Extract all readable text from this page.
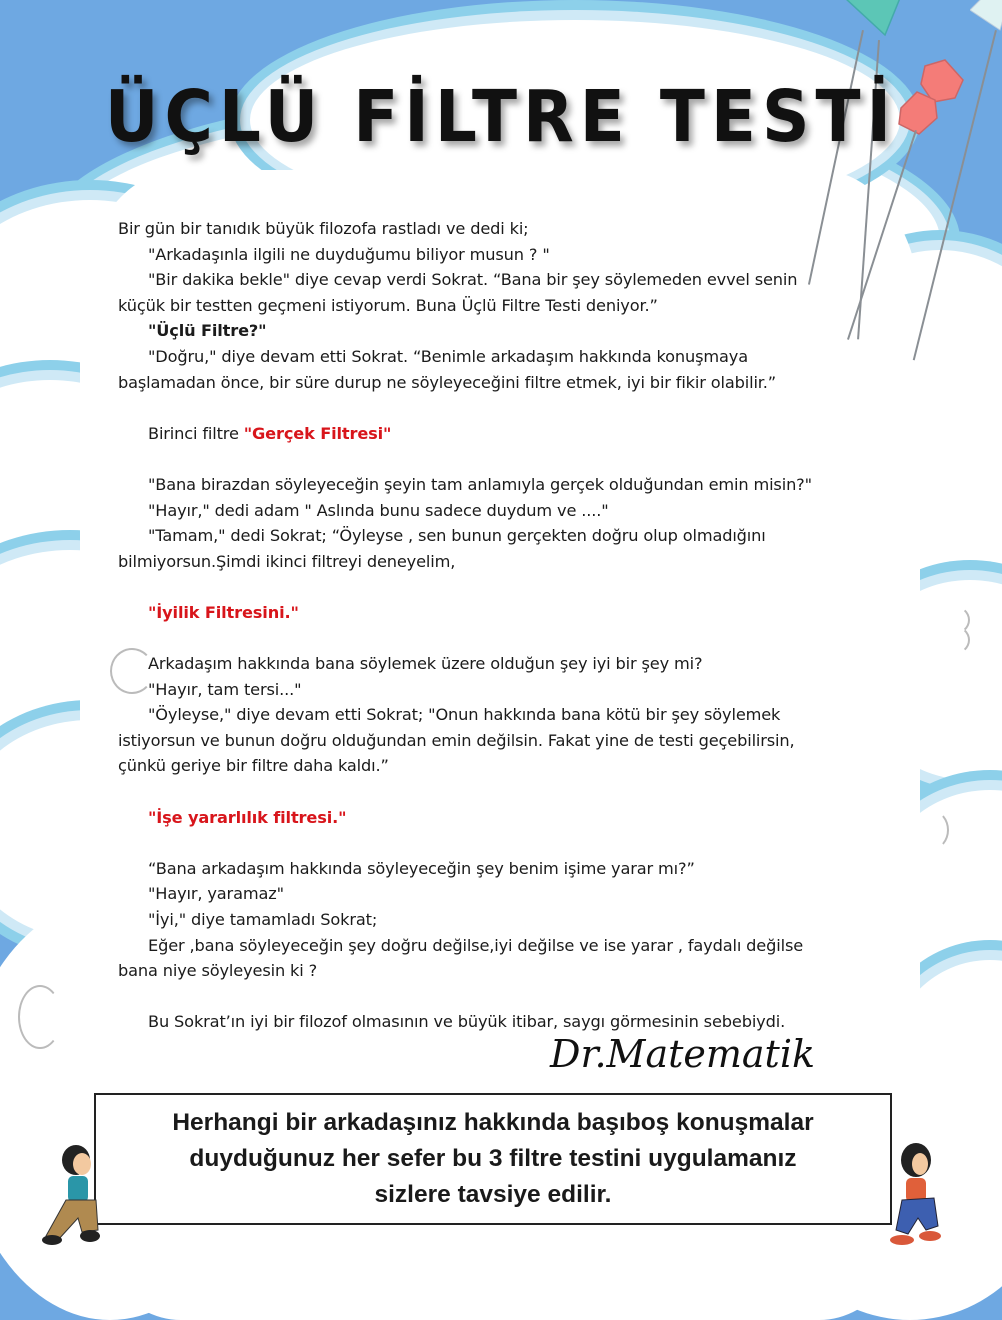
ÜÇLÜ FİLTRE TESTİ

Bir gün bir tanıdık büyük filozofa rastladı ve dedi ki;

"Arkadaşınla ilgili ne duyduğumu biliyor musun ? "

"Bir dakika bekle" diye cevap verdi Sokrat. “Bana bir şey söylemeden evvel senin

küçük bir testten geçmeni istiyorum. Buna Üçlü Filtre Testi deniyor.”

"Üçlü Filtre?"

"Doğru," diye devam etti Sokrat. “Benimle arkadaşım hakkında konuşmaya

başlamadan önce, bir süre durup ne söyleyeceğini filtre etmek, iyi bir fikir olabilir.”

Birinci filtre "Gerçek Filtresi"

"Bana birazdan söyleyeceğin şeyin tam anlamıyla gerçek olduğundan emin misin?"

"Hayır," dedi adam " Aslında bunu sadece duydum ve ...."

"Tamam," dedi Sokrat; “Öyleyse , sen bunun gerçekten doğru olup olmadığını

bilmiyorsun.Şimdi ikinci filtreyi deneyelim,

"İyilik Filtresini."

Arkadaşım hakkında bana söylemek üzere olduğun şey iyi bir şey mi?

"Hayır, tam tersi..."

"Öyleyse," diye devam etti Sokrat; "Onun hakkında bana kötü bir şey söylemek

istiyorsun ve bunun doğru olduğundan emin değilsin. Fakat yine de testi geçebilirsin,

çünkü geriye bir filtre daha kaldı.”

"İşe yararlılık filtresi."

“Bana arkadaşım hakkında söyleyeceğin şey benim işime yarar mı?”

"Hayır, yaramaz"

"İyi," diye tamamladı Sokrat;

Eğer ,bana söyleyeceğin şey doğru değilse,iyi değilse ve ise yarar , faydalı değilse

bana niye söyleyesin ki ?

Bu Sokrat’ın iyi bir filozof olmasının ve büyük itibar, saygı görmesinin sebebiydi.

Dr.Matematik
Herhangi bir arkadaşınız hakkında başıboş konuşmalar
duyduğunuz her sefer bu 3 filtre testini uygulamanız
sizlere tavsiye edilir.
